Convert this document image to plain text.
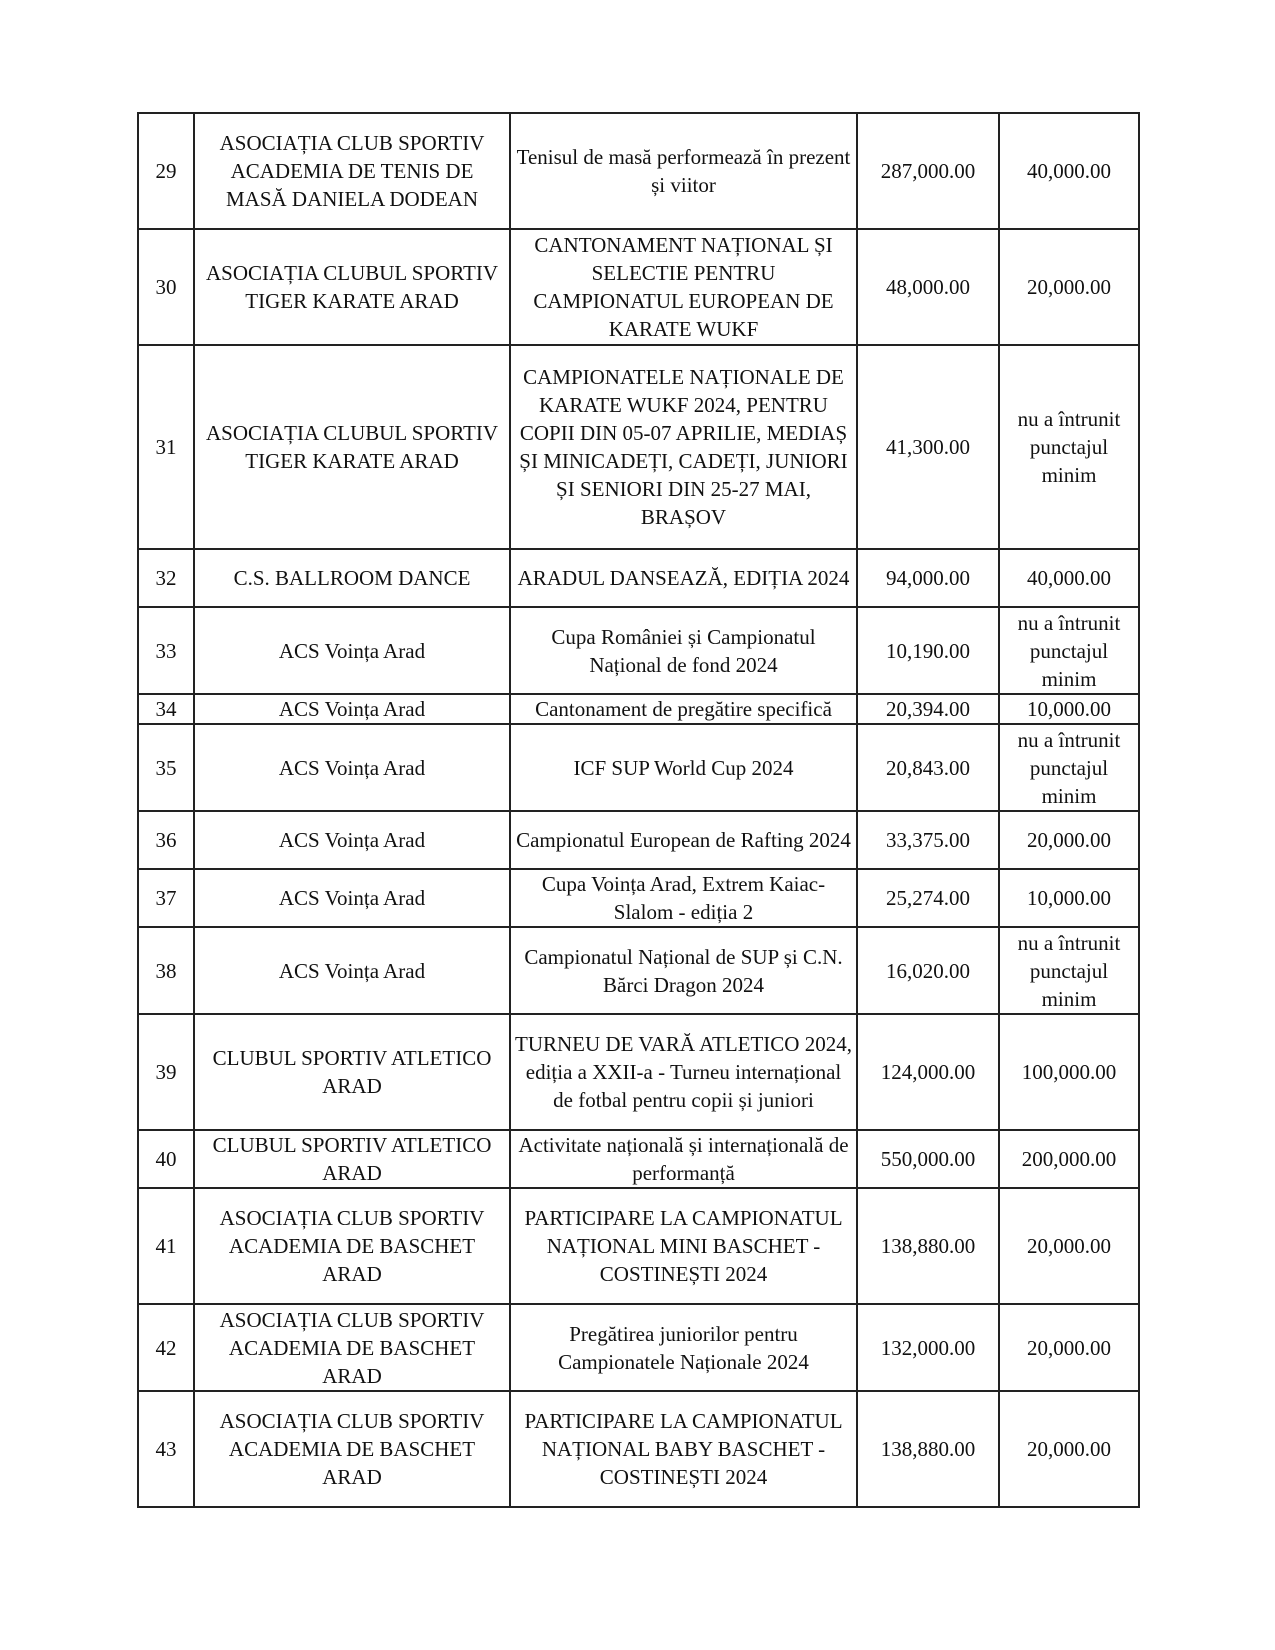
29	ASOCIAȚIA CLUB SPORTIV ACADEMIA DE TENIS DE MASĂ DANIELA DODEAN	Tenisul de masă performează în prezent și viitor	287,000.00	40,000.00
30	ASOCIAȚIA CLUBUL SPORTIV TIGER KARATE ARAD	CANTONAMENT NAȚIONAL ȘI SELECTIE PENTRU CAMPIONATUL EUROPEAN DE KARATE WUKF	48,000.00	20,000.00
31	ASOCIAȚIA CLUBUL SPORTIV TIGER KARATE ARAD	CAMPIONATELE NAȚIONALE DE KARATE WUKF 2024, PENTRU COPII DIN 05-07 APRILIE, MEDIAȘ ȘI MINICADEȚI, CADEȚI, JUNIORI ȘI SENIORI DIN 25-27 MAI, BRAȘOV	41,300.00	nu a întrunit punctajul minim
32	C.S. BALLROOM DANCE	ARADUL DANSEAZĂ, EDIȚIA 2024	94,000.00	40,000.00
33	ACS Voința Arad	Cupa României și Campionatul Național de fond 2024	10,190.00	nu a întrunit punctajul minim
34	ACS Voința Arad	Cantonament de pregătire specifică	20,394.00	10,000.00
35	ACS Voința Arad	ICF SUP World Cup 2024	20,843.00	nu a întrunit punctajul minim
36	ACS Voința Arad	Campionatul European de Rafting 2024	33,375.00	20,000.00
37	ACS Voința Arad	Cupa Voința Arad, Extrem Kaiac-Slalom - ediția 2	25,274.00	10,000.00
38	ACS Voința Arad	Campionatul Național de SUP și C.N. Bărci Dragon 2024	16,020.00	nu a întrunit punctajul minim
39	CLUBUL SPORTIV ATLETICO ARAD	TURNEU DE VARĂ ATLETICO 2024, ediția a XXII-a - Turneu internațional de fotbal pentru copii și juniori	124,000.00	100,000.00
40	CLUBUL SPORTIV ATLETICO ARAD	Activitate națională și internațională de performanță	550,000.00	200,000.00
41	ASOCIAȚIA CLUB SPORTIV ACADEMIA DE BASCHET ARAD	PARTICIPARE LA CAMPIONATUL NAȚIONAL MINI BASCHET - COSTINEȘTI 2024	138,880.00	20,000.00
42	ASOCIAȚIA CLUB SPORTIV ACADEMIA DE BASCHET ARAD	Pregătirea juniorilor pentru Campionatele Naționale 2024	132,000.00	20,000.00
43	ASOCIAȚIA CLUB SPORTIV ACADEMIA DE BASCHET ARAD	PARTICIPARE LA CAMPIONATUL NAȚIONAL BABY BASCHET - COSTINEȘTI 2024	138,880.00	20,000.00
